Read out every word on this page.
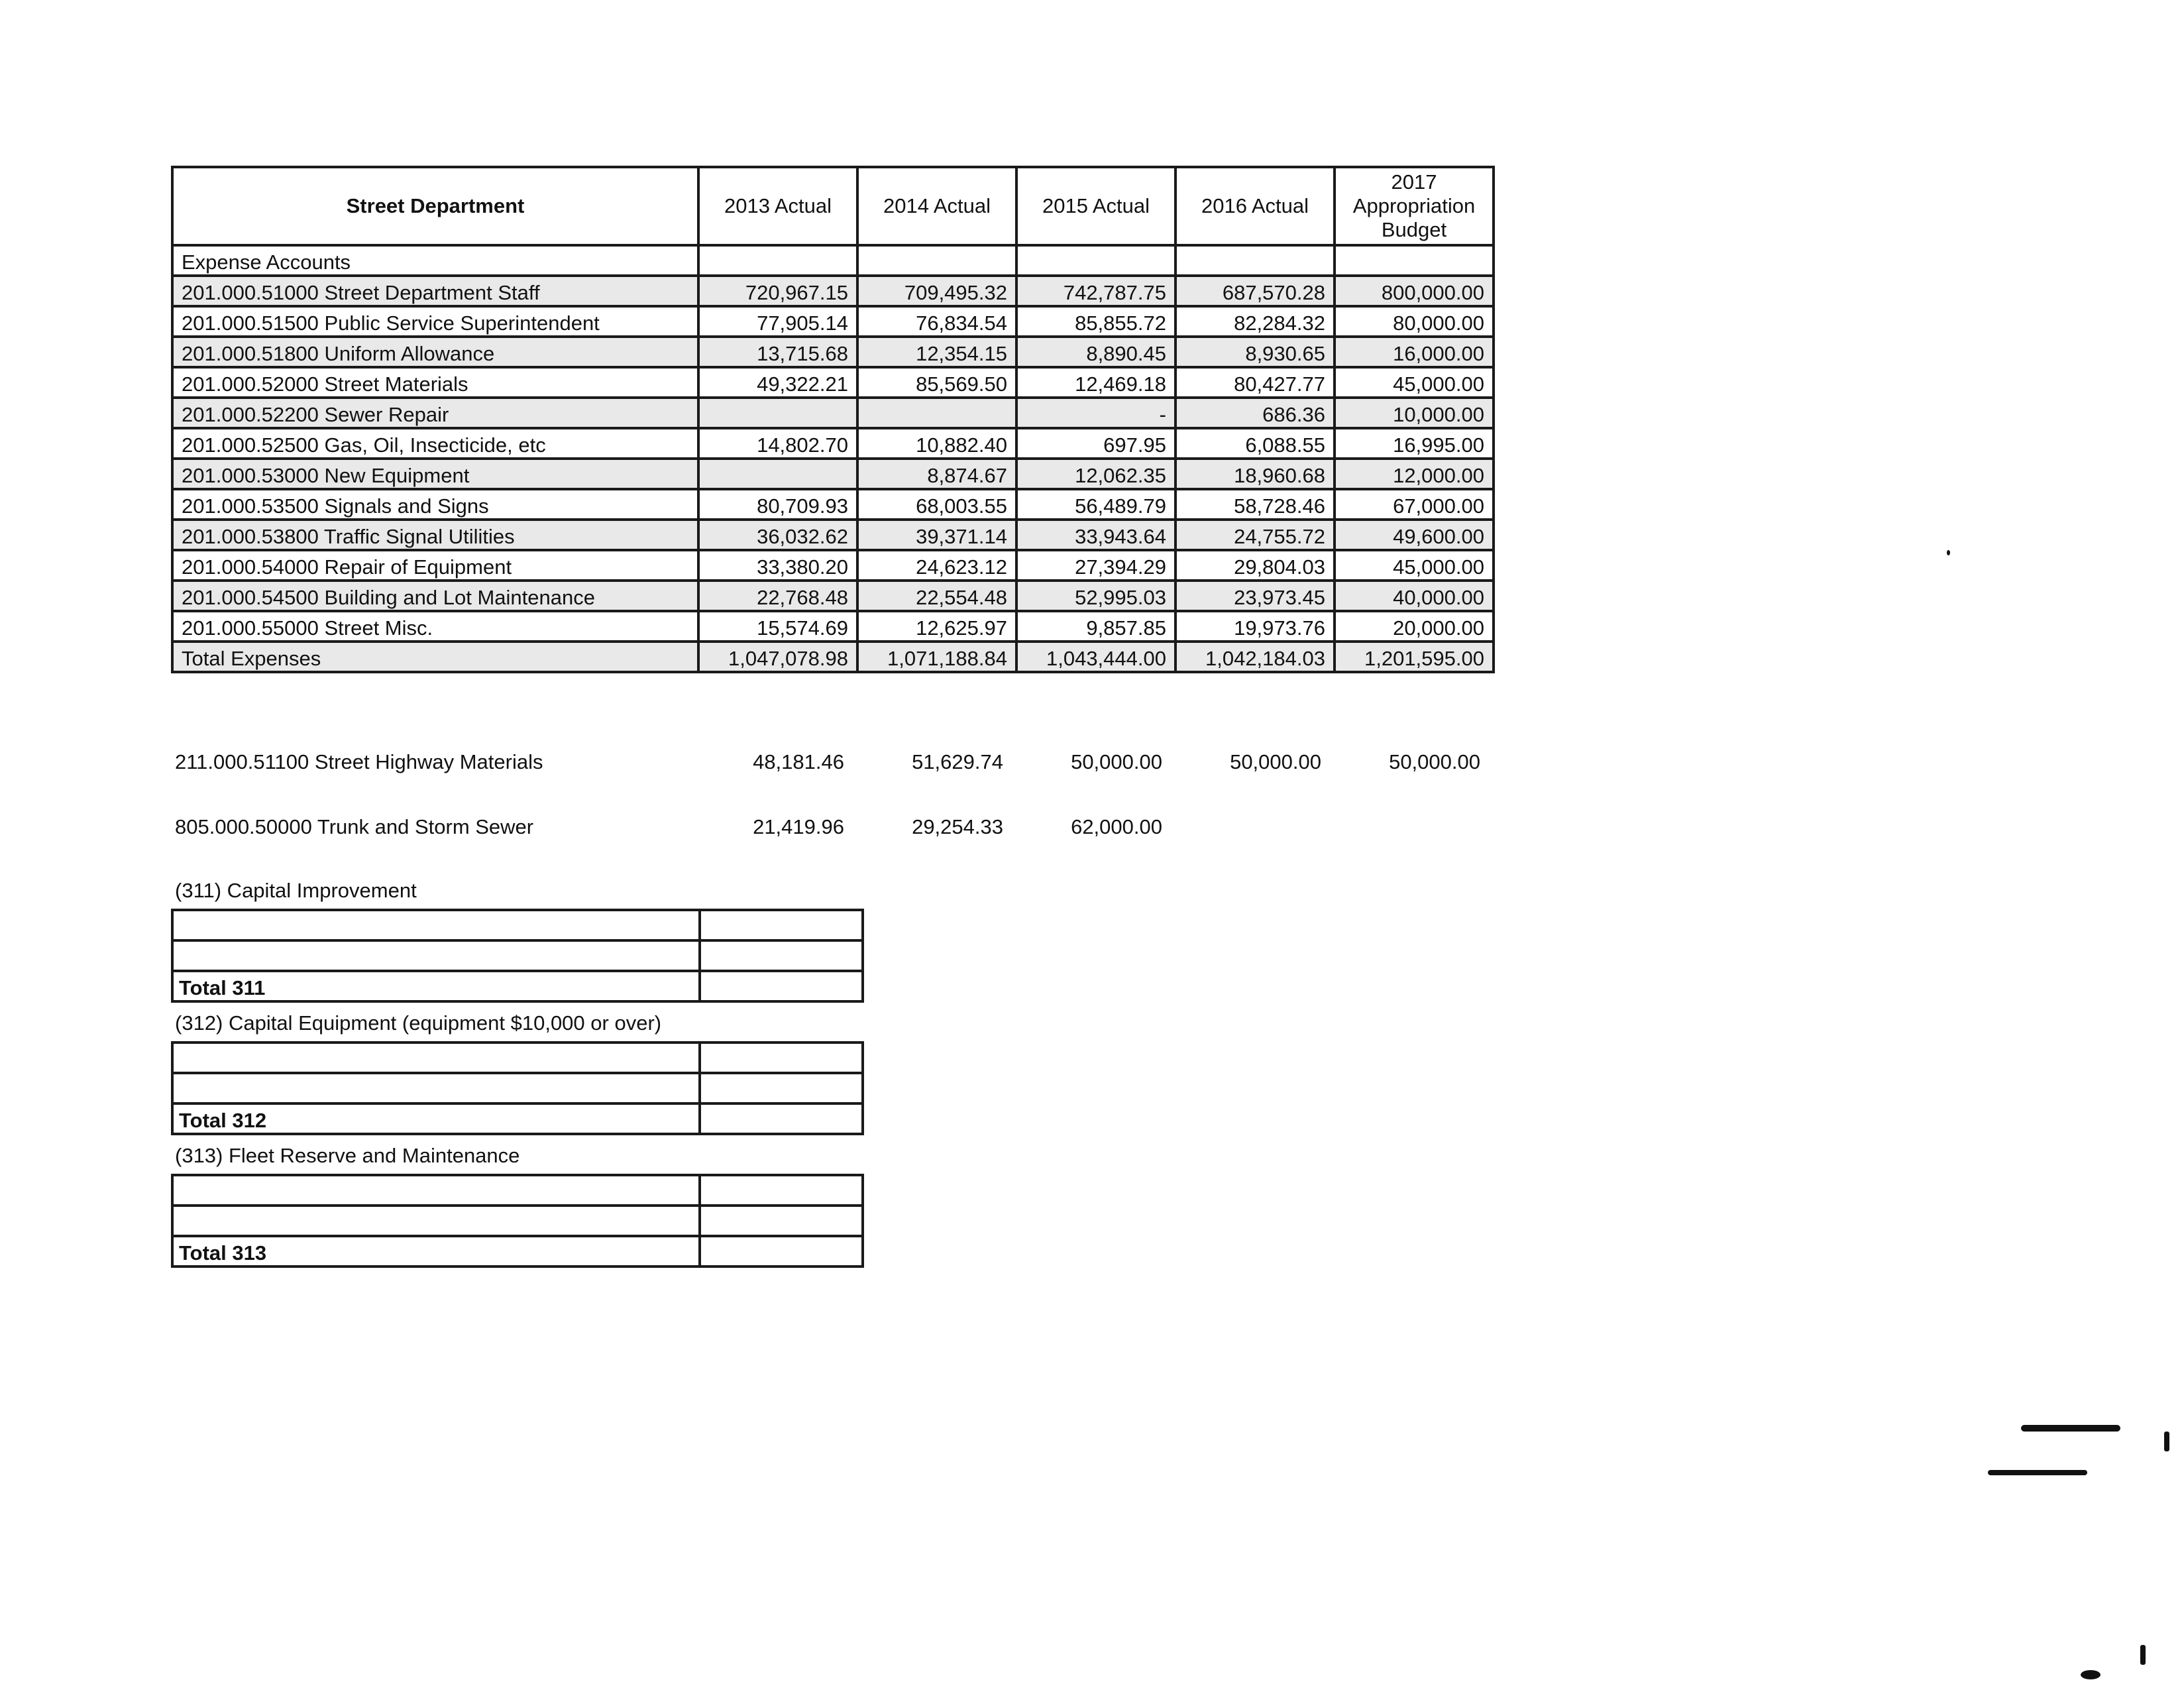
Street Department	2013 Actual	2014 Actual	2015 Actual	2016 Actual	2017 Appropriation Budget
Expense Accounts					
201.000.51000 Street Department Staff	720,967.15	709,495.32	742,787.75	687,570.28	800,000.00
201.000.51500 Public Service Superintendent	77,905.14	76,834.54	85,855.72	82,284.32	80,000.00
201.000.51800 Uniform Allowance	13,715.68	12,354.15	8,890.45	8,930.65	16,000.00
201.000.52000 Street Materials	49,322.21	85,569.50	12,469.18	80,427.77	45,000.00
201.000.52200 Sewer Repair			-	686.36	10,000.00
201.000.52500 Gas, Oil, Insecticide, etc	14,802.70	10,882.40	697.95	6,088.55	16,995.00
201.000.53000 New Equipment		8,874.67	12,062.35	18,960.68	12,000.00
201.000.53500 Signals and Signs	80,709.93	68,003.55	56,489.79	58,728.46	67,000.00
201.000.53800 Traffic Signal Utilities	36,032.62	39,371.14	33,943.64	24,755.72	49,600.00
201.000.54000 Repair of Equipment	33,380.20	24,623.12	27,394.29	29,804.03	45,000.00
201.000.54500 Building and Lot Maintenance	22,768.48	22,554.48	52,995.03	23,973.45	40,000.00
201.000.55000 Street Misc.	15,574.69	12,625.97	9,857.85	19,973.76	20,000.00
Total Expenses	1,047,078.98	1,071,188.84	1,043,444.00	1,042,184.03	1,201,595.00
211.000.51100 Street Highway Materials	48,181.46	51,629.74	50,000.00	50,000.00	50,000.00
805.000.50000 Trunk and Storm Sewer	21,419.96	29,254.33	62,000.00
(311) Capital Improvement

Total 311	
(312) Capital Equipment (equipment $10,000 or over)

Total 312	
(313) Fleet Reserve and Maintenance

Total 313	
